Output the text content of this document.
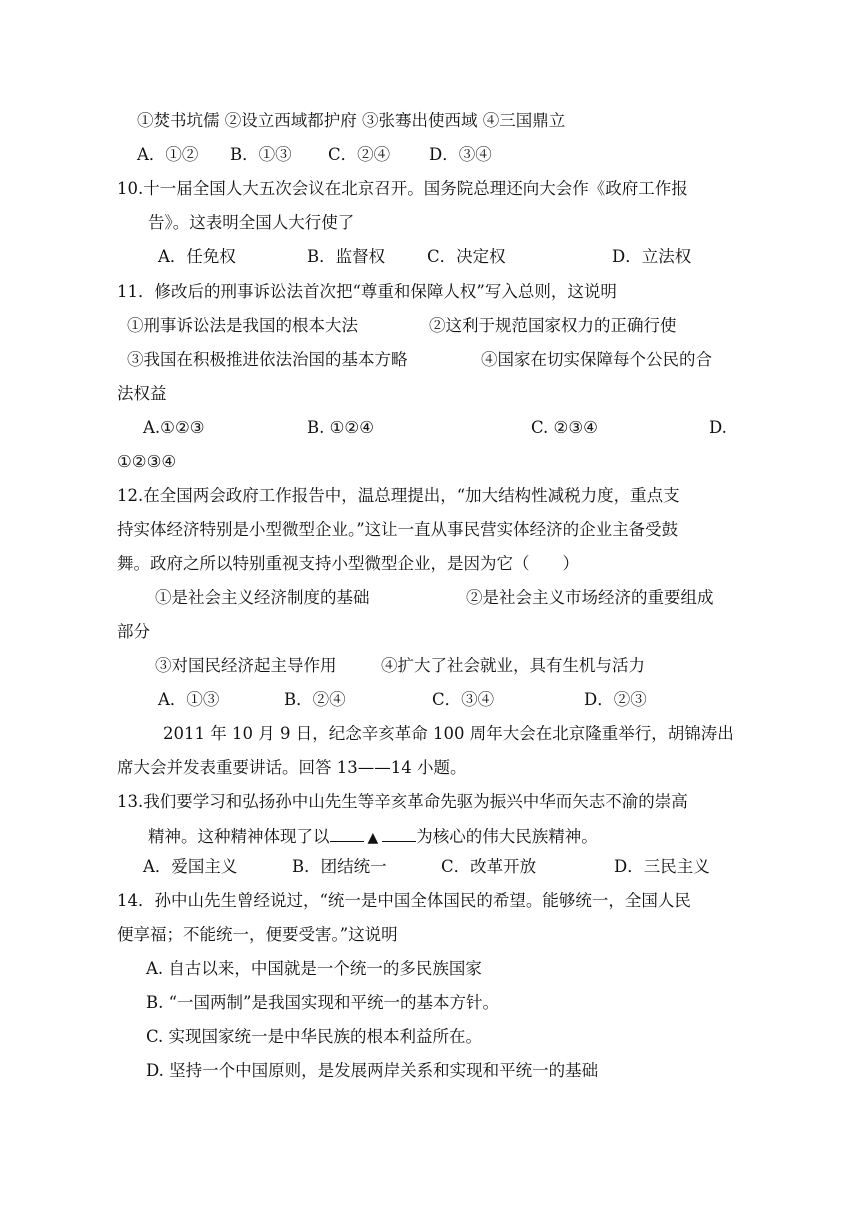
①焚书坑儒 ②设立西域都护府 ③张骞出使西域 ④三国鼎立
A．①② B．①③ C．②④ D．③④
10.十一届全国人大五次会议在北京召开。国务院总理还向大会作《政府工作报
告》。这表明全国人大行使了
A．任免权	B．监督权	C．决定权	D．立法权
11．修改后的刑事诉讼法首次把“尊重和保障人权”写入总则，这说明
①刑事诉讼法是我国的根本大法	②这利于规范国家权力的正确行使
③我国在积极推进依法治国的基本方略	④国家在切实保障每个公民的合
法权益
A.①②③	B. ①②④	C. ②③④	D.
①②③④
12.在全国两会政府工作报告中，温总理提出，“加大结构性减税力度，重点支
持实体经济特别是小型微型企业。”这让一直从事民营实体经济的企业主备受鼓
舞。政府之所以特别重视支持小型微型企业，是因为它（　　）
①是社会主义经济制度的基础	②是社会主义市场经济的重要组成
部分
③对国民经济起主导作用	④扩大了社会就业，具有生机与活力
A．①③	B．②④	C．③④	D．②③
2011 年 10 月 9 日，纪念辛亥革命 100 周年大会在北京隆重举行，胡锦涛出
席大会并发表重要讲话。回答 13——14 小题。
13.我们要学习和弘扬孙中山先生等辛亥革命先驱为振兴中华而矢志不渝的崇高
精神。这种精神体现了以	▲ 为核心的伟大民族精神。
A．爱国主义	B．团结统一	C．改革开放	D．三民主义
14．孙中山先生曾经说过，“统一是中国全体国民的希望。能够统一，全国人民
便享福；不能统一，便要受害。”这说明
A. 自古以来，中国就是一个统一的多民族国家
B. “一国两制”是我国实现和平统一的基本方针。
C. 实现国家统一是中华民族的根本利益所在。
D. 坚持一个中国原则，是发展两岸关系和实现和平统一的基础
